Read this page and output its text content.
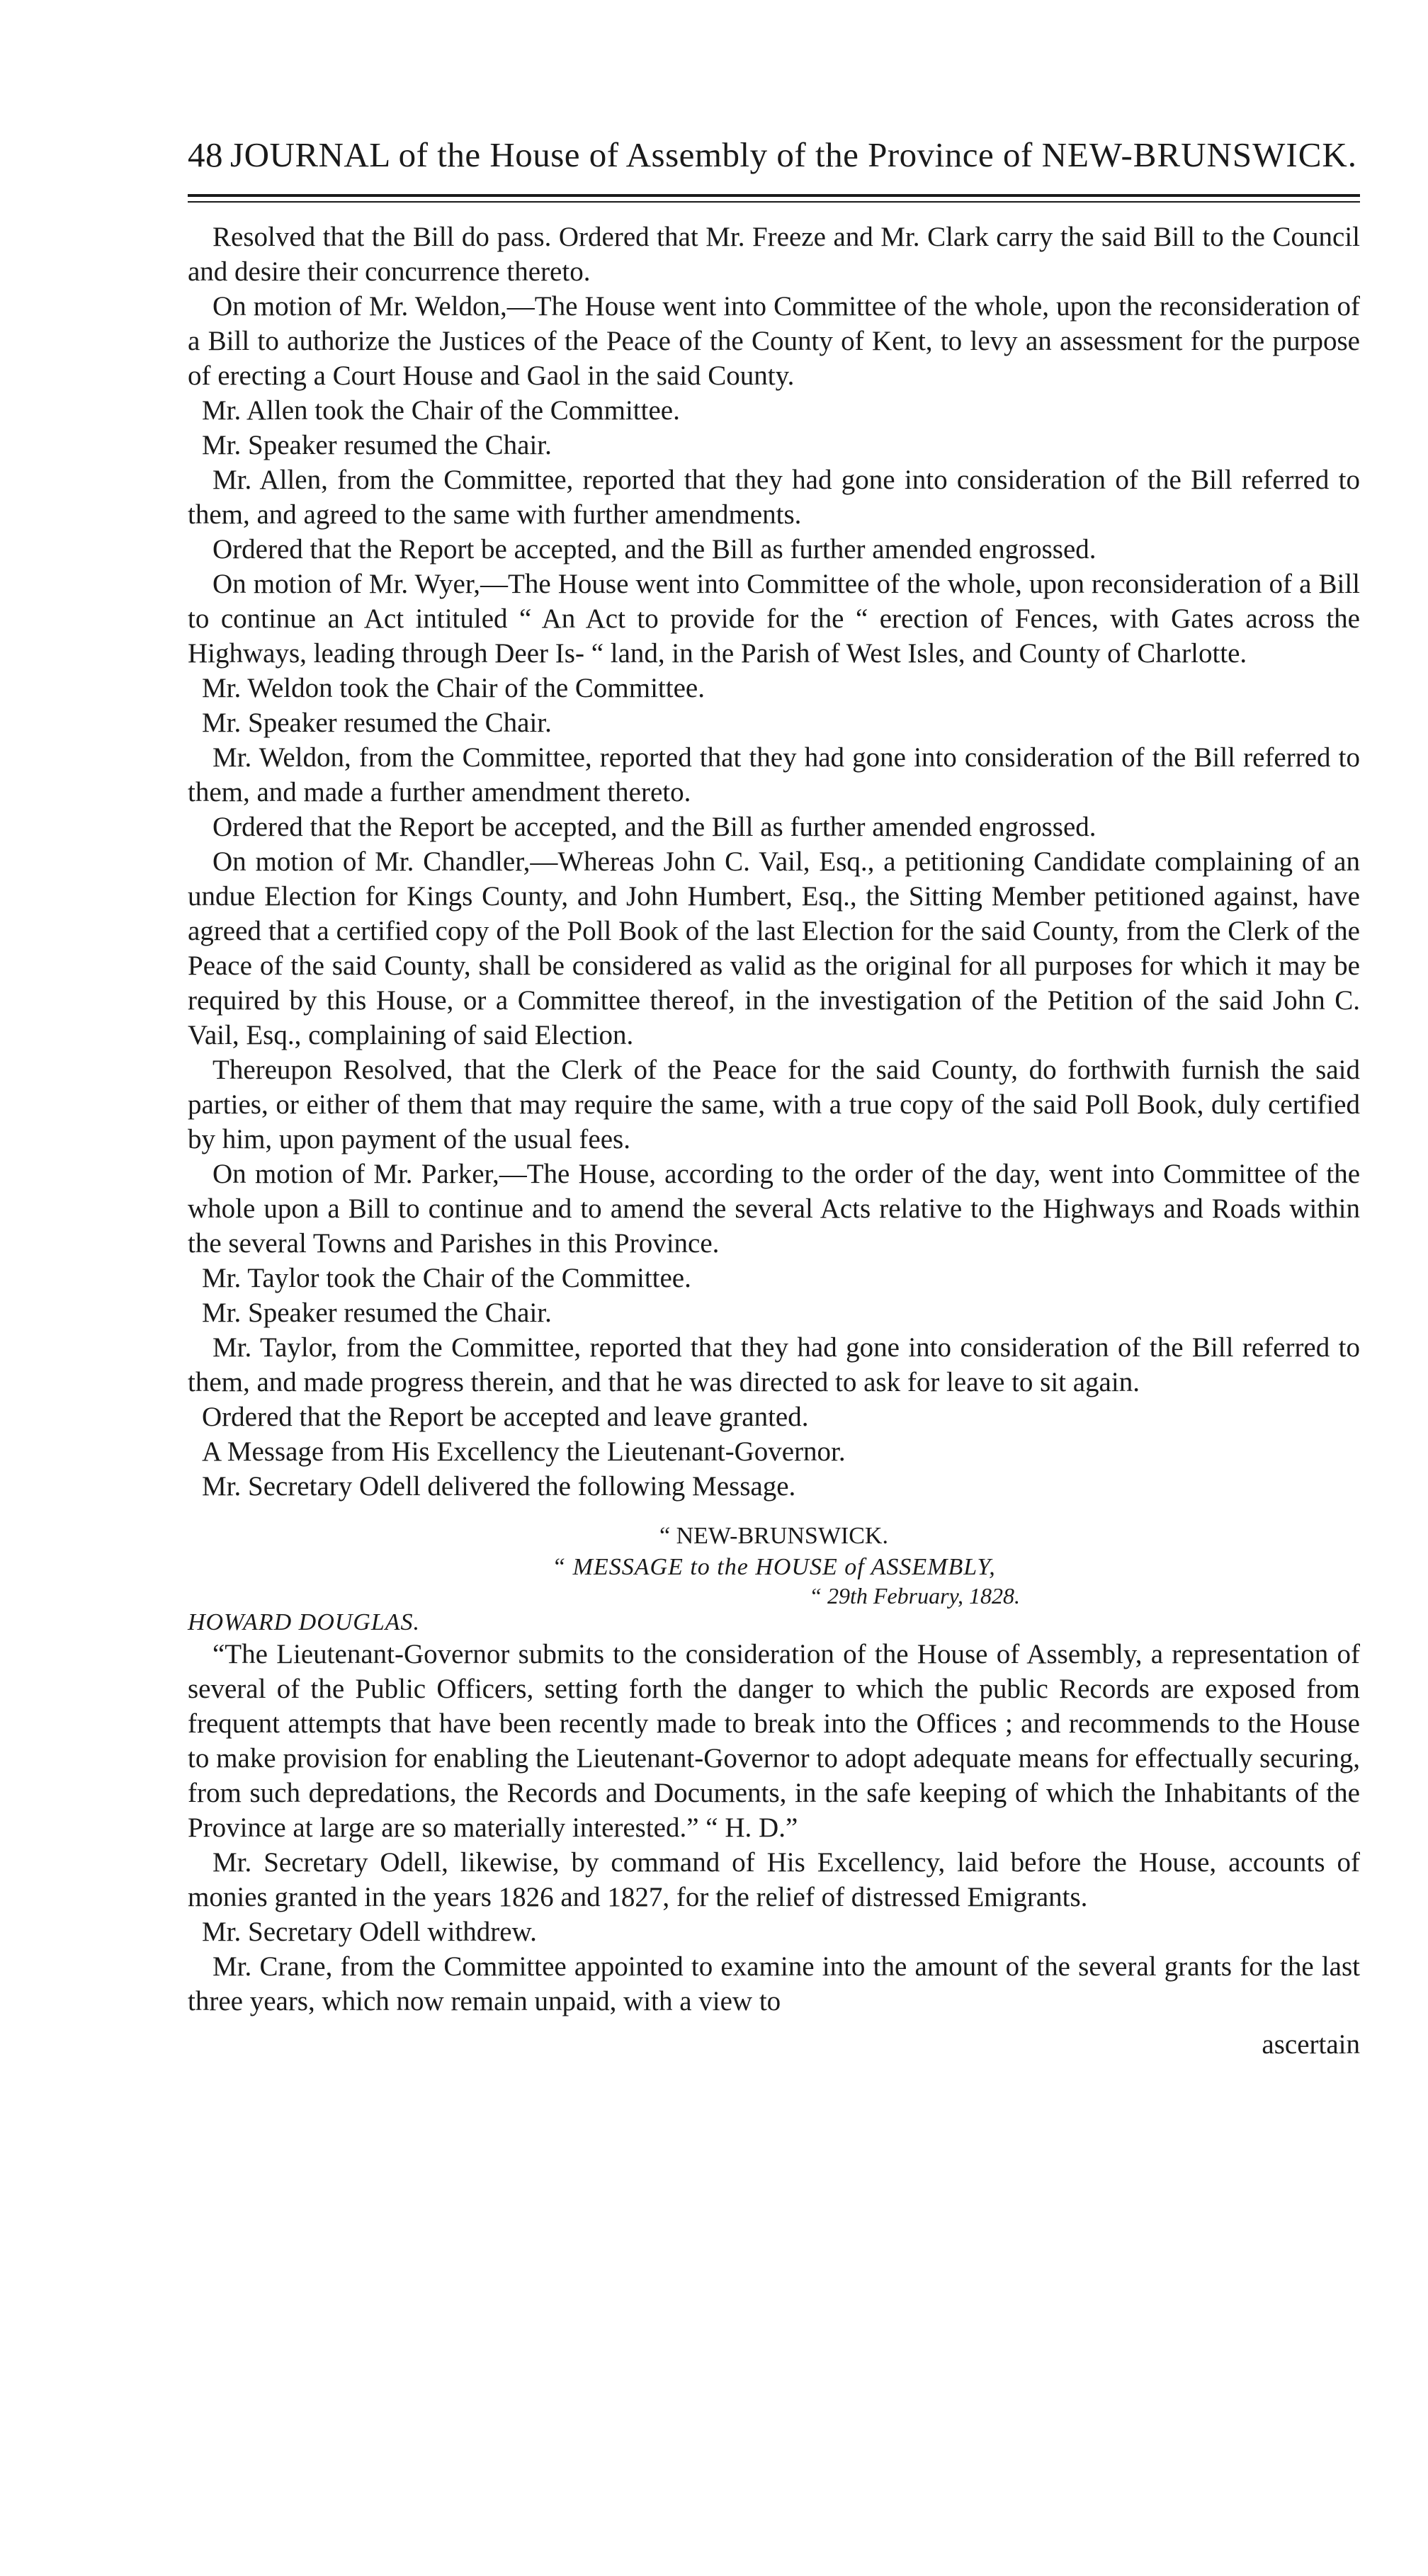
48 JOURNAL of the House of Assembly of the Province of NEW-BRUNSWICK.

Resolved that the Bill do pass. Ordered that Mr. Freeze and Mr. Clark carry the said Bill to the Council and desire their concurrence thereto.

On motion of Mr. Weldon,—The House went into Committee of the whole, upon the reconsideration of a Bill to authorize the Justices of the Peace of the County of Kent, to levy an assessment for the purpose of erecting a Court House and Gaol in the said County.

Mr. Allen took the Chair of the Committee.

Mr. Speaker resumed the Chair.

Mr. Allen, from the Committee, reported that they had gone into consideration of the Bill referred to them, and agreed to the same with further amendments.

Ordered that the Report be accepted, and the Bill as further amended engrossed.

On motion of Mr. Wyer,—The House went into Committee of the whole, upon reconsideration of a Bill to continue an Act intituled “ An Act to provide for the “ erection of Fences, with Gates across the Highways, leading through Deer Is- “ land, in the Parish of West Isles, and County of Charlotte.

Mr. Weldon took the Chair of the Committee.

Mr. Speaker resumed the Chair.

Mr. Weldon, from the Committee, reported that they had gone into consideration of the Bill referred to them, and made a further amendment thereto.

Ordered that the Report be accepted, and the Bill as further amended engrossed.

On motion of Mr. Chandler,—Whereas John C. Vail, Esq., a petitioning Candidate complaining of an undue Election for Kings County, and John Humbert, Esq., the Sitting Member petitioned against, have agreed that a certified copy of the Poll Book of the last Election for the said County, from the Clerk of the Peace of the said County, shall be considered as valid as the original for all purposes for which it may be required by this House, or a Committee thereof, in the investigation of the Petition of the said John C. Vail, Esq., complaining of said Election.

Thereupon Resolved, that the Clerk of the Peace for the said County, do forthwith furnish the said parties, or either of them that may require the same, with a true copy of the said Poll Book, duly certified by him, upon payment of the usual fees.

On motion of Mr. Parker,—The House, according to the order of the day, went into Committee of the whole upon a Bill to continue and to amend the several Acts relative to the Highways and Roads within the several Towns and Parishes in this Province.

Mr. Taylor took the Chair of the Committee.

Mr. Speaker resumed the Chair.

Mr. Taylor, from the Committee, reported that they had gone into consideration of the Bill referred to them, and made progress therein, and that he was directed to ask for leave to sit again.

Ordered that the Report be accepted and leave granted.

A Message from His Excellency the Lieutenant-Governor.

Mr. Secretary Odell delivered the following Message.

“ NEW-BRUNSWICK.
“ MESSAGE to the HOUSE of ASSEMBLY,
“ 29th February, 1828.

HOWARD DOUGLAS.

“The Lieutenant-Governor submits to the consideration of the House of Assembly, a representation of several of the Public Officers, setting forth the danger to which the public Records are exposed from frequent attempts that have been recently made to break into the Offices ; and recommends to the House to make provision for enabling the Lieutenant-Governor to adopt adequate means for effectually securing, from such depredations, the Records and Documents, in the safe keeping of which the Inhabitants of the Province at large are so materially interested.” “ H. D.”

Mr. Secretary Odell, likewise, by command of His Excellency, laid before the House, accounts of monies granted in the years 1826 and 1827, for the relief of distressed Emigrants.

Mr. Secretary Odell withdrew.

Mr. Crane, from the Committee appointed to examine into the amount of the several grants for the last three years, which now remain unpaid, with a view to

ascertain
